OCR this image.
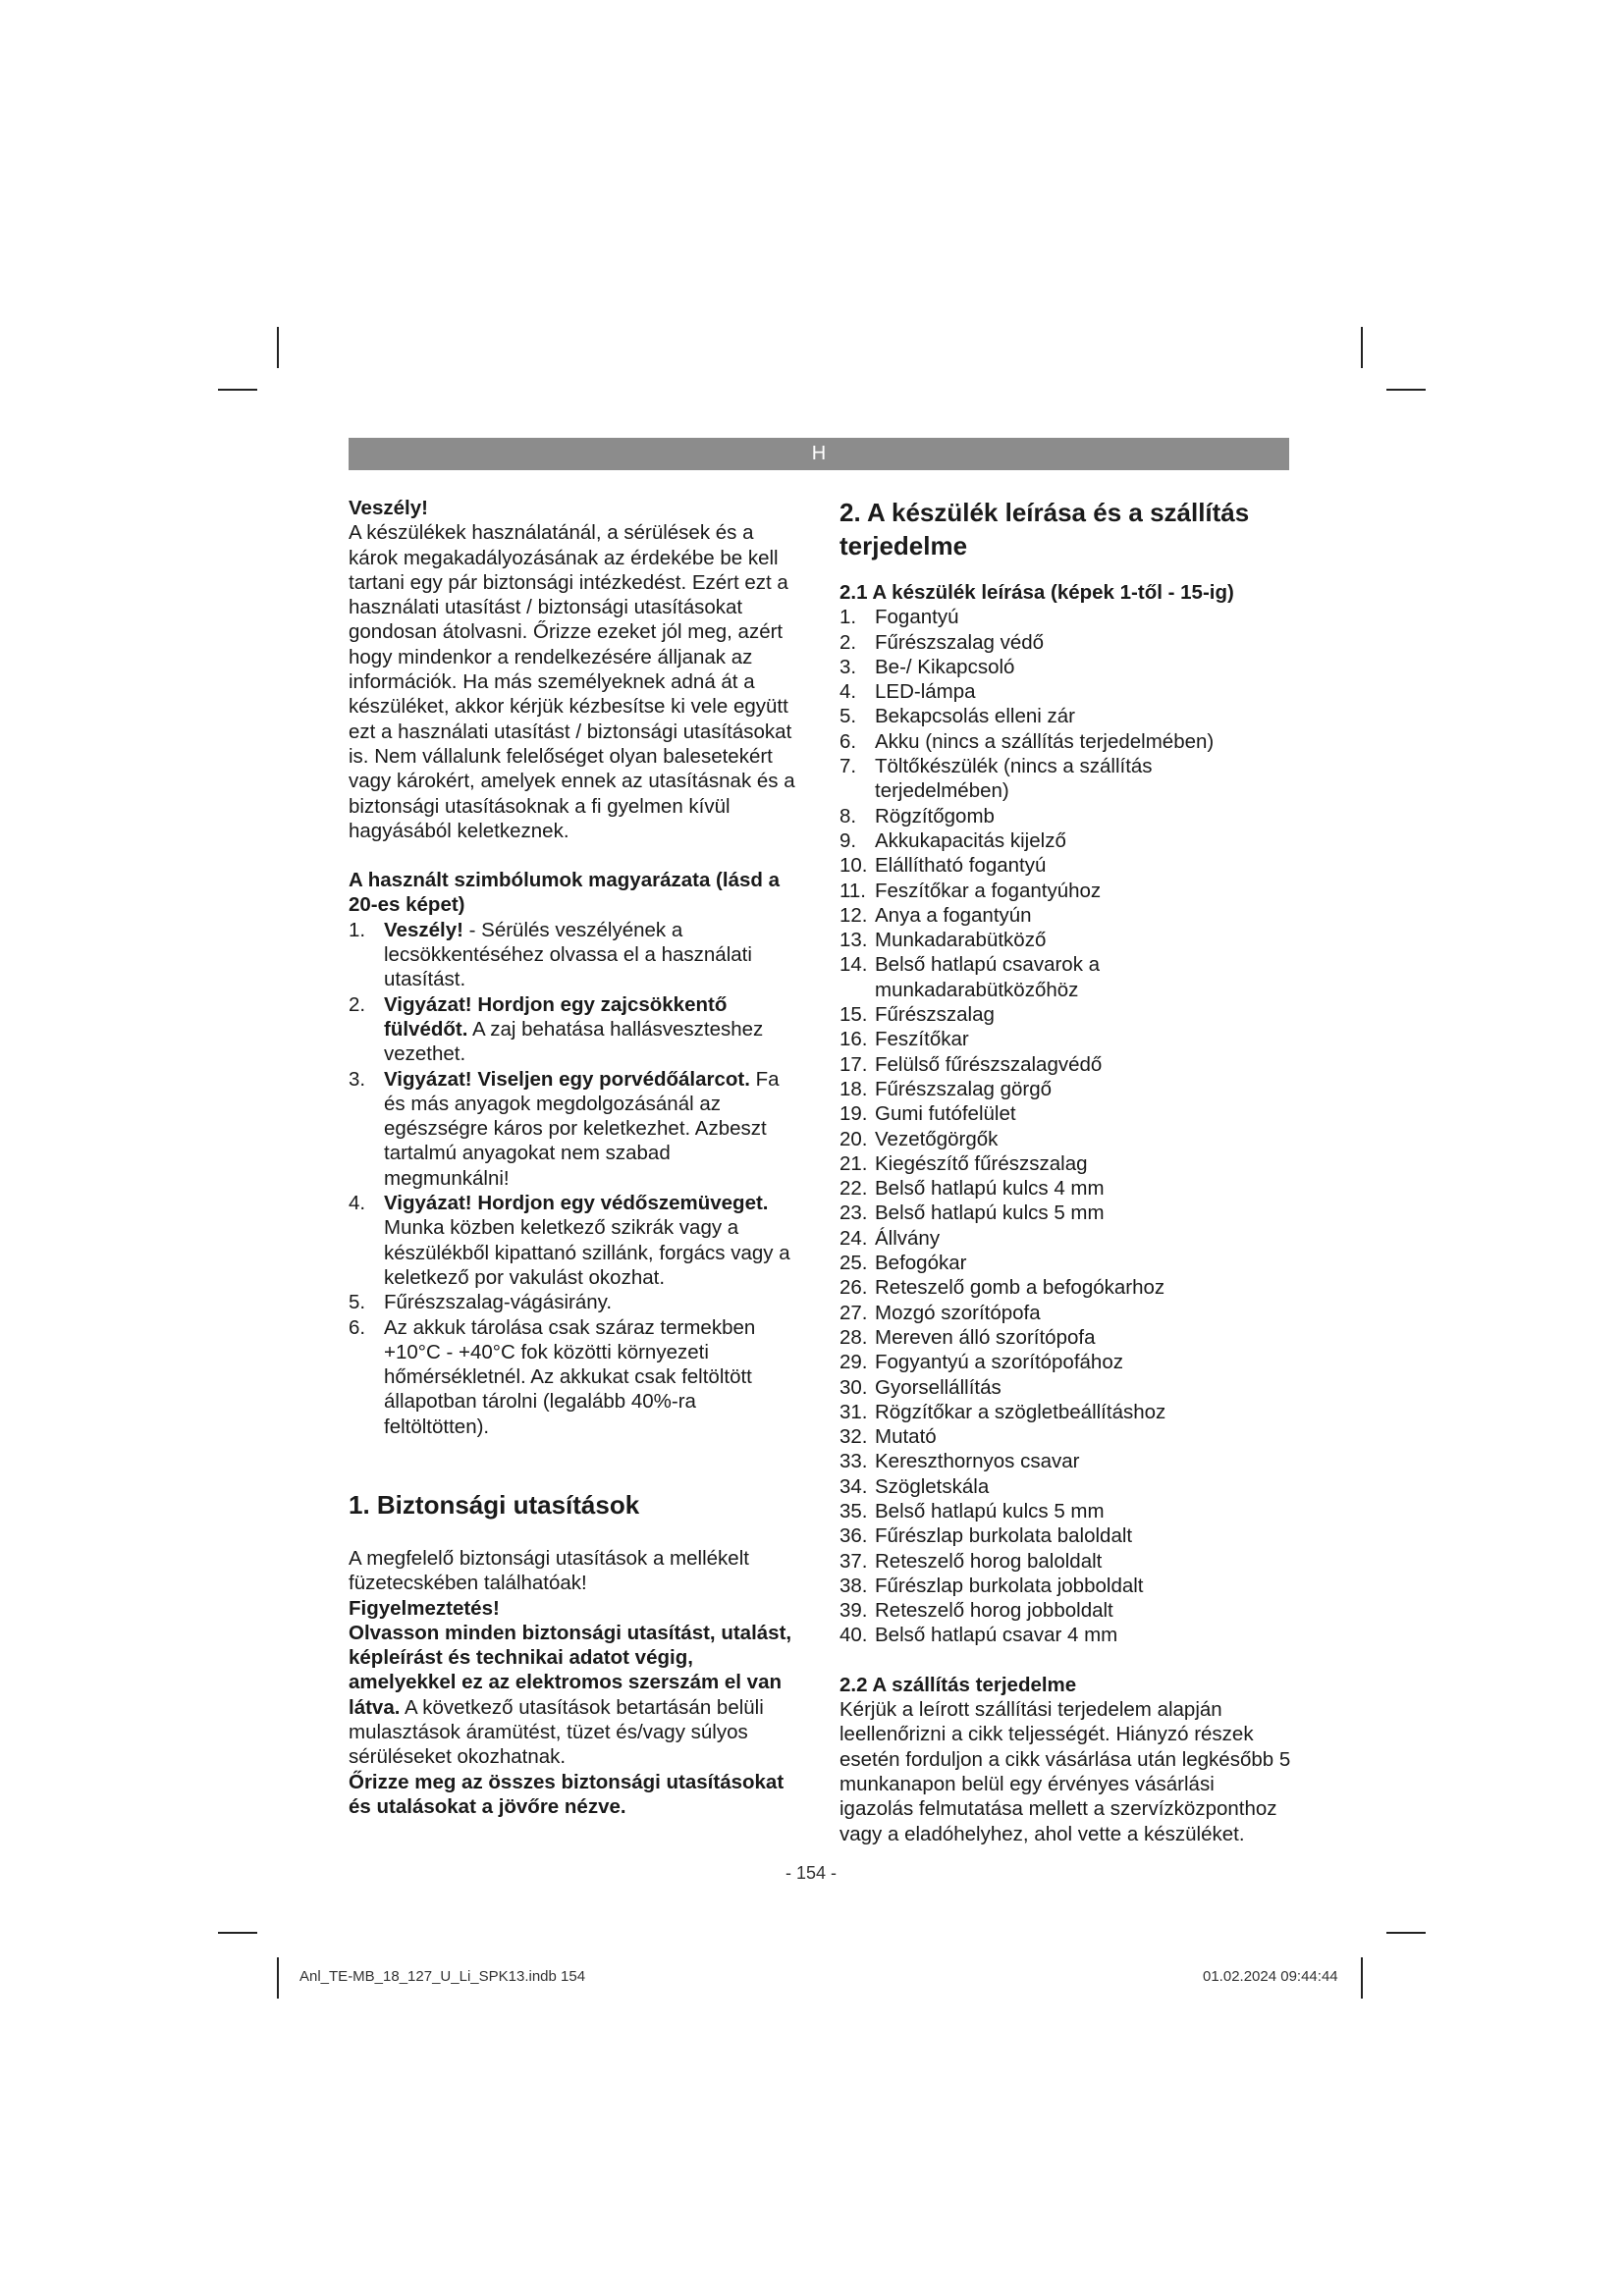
H

Veszély!

A készülékek használatánál, a sérülések és a károk megakadályozásának az érdekébe be kell tartani egy pár biztonsági intézkedést. Ezért ezt a használati utasítást / biztonsági utasításokat gondosan átolvasni. Őrizze ezeket jól meg, azért hogy mindenkor a rendelkezésére álljanak az információk. Ha más személyeknek adná át a készüléket, akkor kérjük kézbesítse ki vele együtt ezt a használati utasítást / biztonsági utasításokat is. Nem vállalunk felelőséget olyan balesetekért vagy károkért, amelyek ennek az utasításnak és a biztonsági utasításoknak a fi gyelmen kívül hagyásából keletkeznek.

A használt szimbólumok magyarázata (lásd a 20-es képet)

1. Veszély! - Sérülés veszélyének a lecsökkentéséhez olvassa el a használati utasítást.
2. Vigyázat! Hordjon egy zajcsökkentő fülvédőt. A zaj behatása hallásveszteshez vezethet.
3. Vigyázat! Viseljen egy porvédőálarcot. Fa és más anyagok megdolgozásánál az egészségre káros por keletkezhet. Azbeszt tartalmú anyagokat nem szabad megmunkálni!
4. Vigyázat! Hordjon egy védőszemüveget. Munka közben keletkező szikrák vagy a készülékből kipattanó szillánk, forgács vagy a keletkező por vakulást okozhat.
5. Fűrészszalag-vágásirány.
6. Az akkuk tárolása csak száraz termekben +10°C - +40°C fok közötti környezeti hőmérsékletnél. Az akkukat csak feltöltött állapotban tárolni (legalább 40%-ra feltöltötten).

1. Biztonsági utasítások

A megfelelő biztonsági utasítások a mellékelt füzetecskében találhatóak!

Figyelmeztetés!

Olvasson minden biztonsági utasítást, utalást, képleírást és technikai adatot végig, amelyekkel ez az elektromos szerszám el van látva. A következő utasítások betartásán belüli mulasztások áramütést, tüzet és/vagy súlyos sérüléseket okozhatnak.

Őrizze meg az összes biztonsági utasításokat és utalásokat a jövőre nézve.

2. A készülék leírása és a szállítás terjedelme

2.1 A készülék leírása (képek 1-től - 15-ig)

1. Fogantyú
2. Fűrészszalag védő
3. Be-/ Kikapcsoló
4. LED-lámpa
5. Bekapcsolás elleni zár
6. Akku (nincs a szállítás terjedelmében)
7. Töltőkészülék (nincs a szállítás terjedelmében)
8. Rögzítőgomb
9. Akkukapacitás kijelző
10. Elállítható fogantyú
11. Feszítőkar a fogantyúhoz
12. Anya a fogantyún
13. Munkadarabütköző
14. Belső hatlapú csavarok a munkadarabütközőhöz
15. Fűrészszalag
16. Feszítőkar
17. Felülső fűrészszalagvédő
18. Fűrészszalag görgő
19. Gumi futófelület
20. Vezetőgörgők
21. Kiegészítő fűrészszalag
22. Belső hatlapú kulcs 4 mm
23. Belső hatlapú kulcs 5 mm
24. Állvány
25. Befogókar
26. Reteszelő gomb a befogókarhoz
27. Mozgó szorítópofa
28. Mereven álló szorítópofa
29. Fogyantyú a szorítópofához
30. Gyorsellállítás
31. Rögzítőkar a szögletbeállításhoz
32. Mutató
33. Kereszthornyos csavar
34. Szögletskála
35. Belső hatlapú kulcs 5 mm
36. Fűrészlap burkolata baloldalt
37. Reteszelő horog baloldalt
38. Fűrészlap burkolata jobboldalt
39. Reteszelő horog jobboldalt
40. Belső hatlapú csavar 4 mm

2.2 A szállítás terjedelme

Kérjük a leírott szállítási terjedelem alapján leellenőrizni a cikk teljességét. Hiányzó részek esetén forduljon a cikk vásárlása után legkésőbb 5 munkanapon belül egy érvényes vásárlási igazolás felmutatása mellett a szervízközponthoz vagy a eladóhelyhez, ahol vette a készüléket.

- 154 -
Anl_TE-MB_18_127_U_Li_SPK13.indb 154	01.02.2024 09:44:44
